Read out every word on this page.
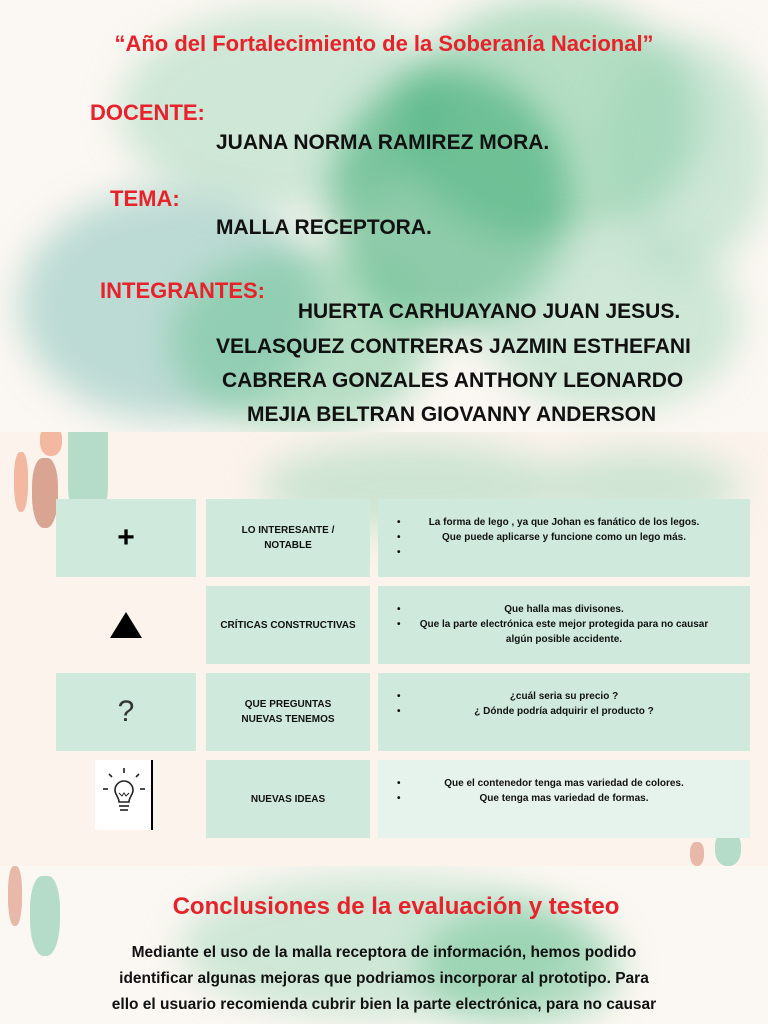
“Año del Fortalecimiento de la Soberanía Nacional”
DOCENTE:
JUANA NORMA RAMIREZ MORA.
TEMA:
MALLA RECEPTORA.
INTEGRANTES:
HUERTA CARHUAYANO JUAN JESUS.
VELASQUEZ CONTRERAS JAZMIN ESTHEFANI
CABRERA GONZALES ANTHONY LEONARDO
MEJIA BELTRAN GIOVANNY ANDERSON
+	LO INTERESANTE / NOTABLE
•	La forma de lego , ya que Johan es fanático de los legos.
•	Que puede aplicarse y funcione como un lego más.
•
CRÍTICAS CONSTRUCTIVAS
•	Que halla mas divisones.
• Que la parte electrónica este mejor protegida para no causar algún posible accidente.
?	QUE PREGUNTAS NUEVAS TENEMOS
•	¿cuál seria su precio ?
•	¿ Dónde podría adquirir el producto ?
NUEVAS IDEAS
•	Que el contenedor tenga mas variedad de colores.
•	Que tenga mas variedad de formas.
Conclusiones de la evaluación y testeo
Mediante el uso de la malla receptora de información, hemos podido
identificar algunas mejoras que podriamos incorporar al prototipo. Para
ello el usuario recomienda cubrir bien la parte electrónica, para no causar
